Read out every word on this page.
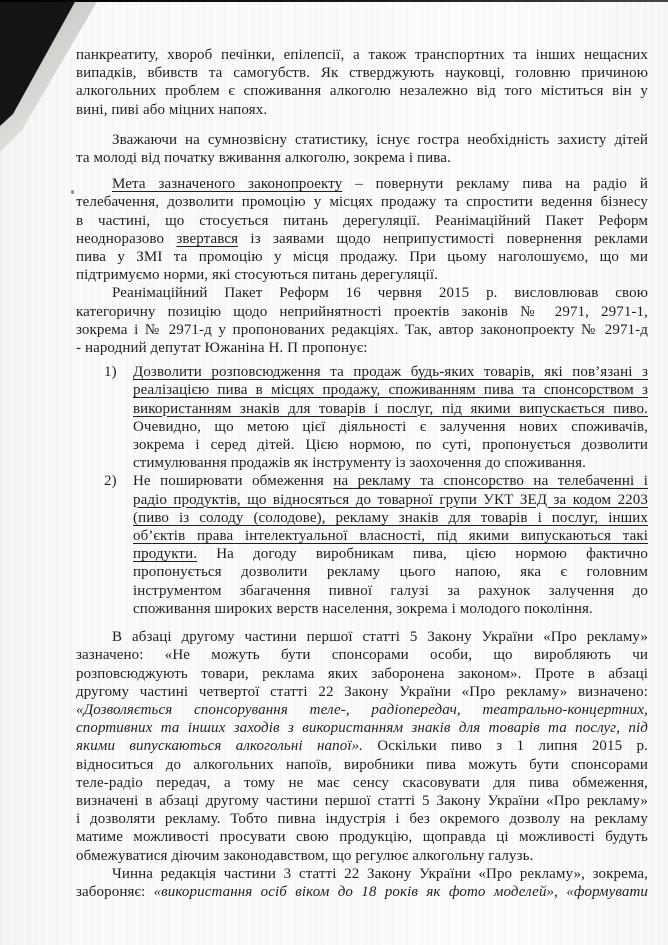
панкреатиту, хвороб печінки, епілепсії, а також транспортних та інших нещасних
випадків, вбивств та самогубств. Як стверджують науковці, головню причиною
алкогольних проблем є споживання алкоголю незалежно від того міститься він у
вині, пиві або міцних напоях.
Зважаючи на сумнозвісну статистику, існує гостра необхідність захисту дітей
та молоді від початку вживання алкоголю, зокрема і пива.
Мета зазначеного законопроекту – повернути рекламу пива на радіо й
телебачення, дозволити промоцію у місцях продажу та спростити ведення бізнесу
в частині, що стосується питань дерегуляції. Реанімаційний Пакет Реформ
неодноразово звертався із заявами щодо неприпустимості повернення реклами
пива у ЗМІ та промоцію у місця продажу. При цьому наголошуємо, що ми
підтримуємо норми, які стосуються питань дерегуляції.
Реанімаційний Пакет Реформ 16 червня 2015 р. висловлював свою
категоричну позицію щодо неприйнятності проектів законів № 2971, 2971-1,
зокрема і № 2971-д у пропонованих редакціях. Так, автор законопроекту № 2971-д
- народний депутат Южаніна Н. П пропонує:
1) Дозволити розповсюдження та продаж будь-яких товарів, які пов’язані з
реалізацією пива в місцях продажу, споживанням пива та спонсорством з
використанням знаків для товарів і послуг, під якими випускається пиво.
Очевидно, що метою цієї діяльності є залучення нових споживачів,
зокрема і серед дітей. Цією нормою, по суті, пропонується дозволити
стимулювання продажів як інструменту із заохочення до споживання.
2) Не поширювати обмеження на рекламу та спонсорство на телебаченні і
радіо продуктів, що відносяться до товарної групи УКТ ЗЕД за кодом 2203
(пиво із солоду (солодове), рекламу знаків для товарів і послуг, інших
об’єктів права інтелектуальної власності, під якими випускаються такі
продукти. На догоду виробникам пива, цією нормою фактично
пропонується дозволити рекламу цього напою, яка є головним
інструментом збагачення пивної галузі за рахунок залучення до
споживання широких верств населення, зокрема і молодого покоління.
В абзаці другому частини першої статті 5 Закону України «Про рекламу»
зазначено: «Не можуть бути спонсорами особи, що виробляють чи
розповсюджують товари, реклама яких заборонена законом». Проте в абзаці
другому частині четвертої статті 22 Закону України «Про рекламу» визначено:
«Дозволяється спонсорування теле-, радіопередач, театрально-концертних,
спортивних та інших заходів з використанням знаків для товарів та послуг, під
якими випускаються алкогольні напої». Оскільки пиво з 1 липня 2015 р.
відноситься до алкогольних напоїв, виробники пива можуть бути спонсорами
теле-радіо передач, а тому не має сенсу скасовувати для пива обмеження,
визначені в абзаці другому частини першої статті 5 Закону України «Про рекламу»
і дозволяти рекламу. Тобто пивна індустрія і без окремого дозволу на рекламу
матиме можливості просувати свою продукцію, щоправда ці можливості будуть
обмежуватися діючим законодавством, що регулює алкогольну галузь.
Чинна редакція частини 3 статті 22 Закону України «Про рекламу», зокрема,
забороняє: «використання осіб віком до 18 років як фото моделей», «формувати
